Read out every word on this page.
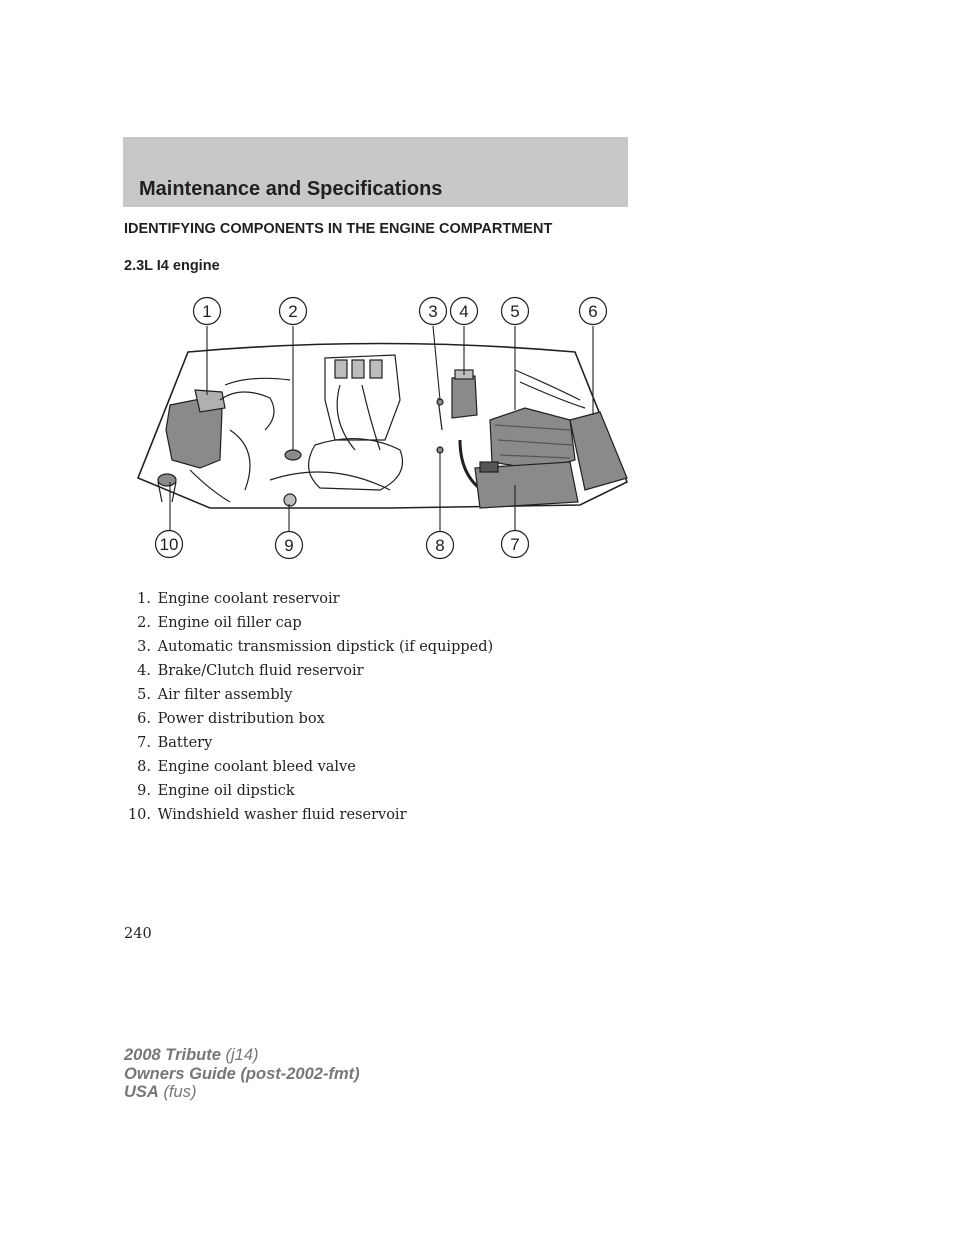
Maintenance and Specifications
IDENTIFYING COMPONENTS IN THE ENGINE COMPARTMENT
2.3L I4 engine
1	2	3 4 5	6
10	9	8	7
1. Engine coolant reservoir
2. Engine oil filler cap
3. Automatic transmission dipstick (if equipped)
4. Brake/Clutch fluid reservoir
5. Air filter assembly
6. Power distribution box
7. Battery
8. Engine coolant bleed valve
9. Engine oil dipstick
10. Windshield washer fluid reservoir
240
2008 Tribute (j14)
Owners Guide (post-2002-fmt)
USA (fus)
